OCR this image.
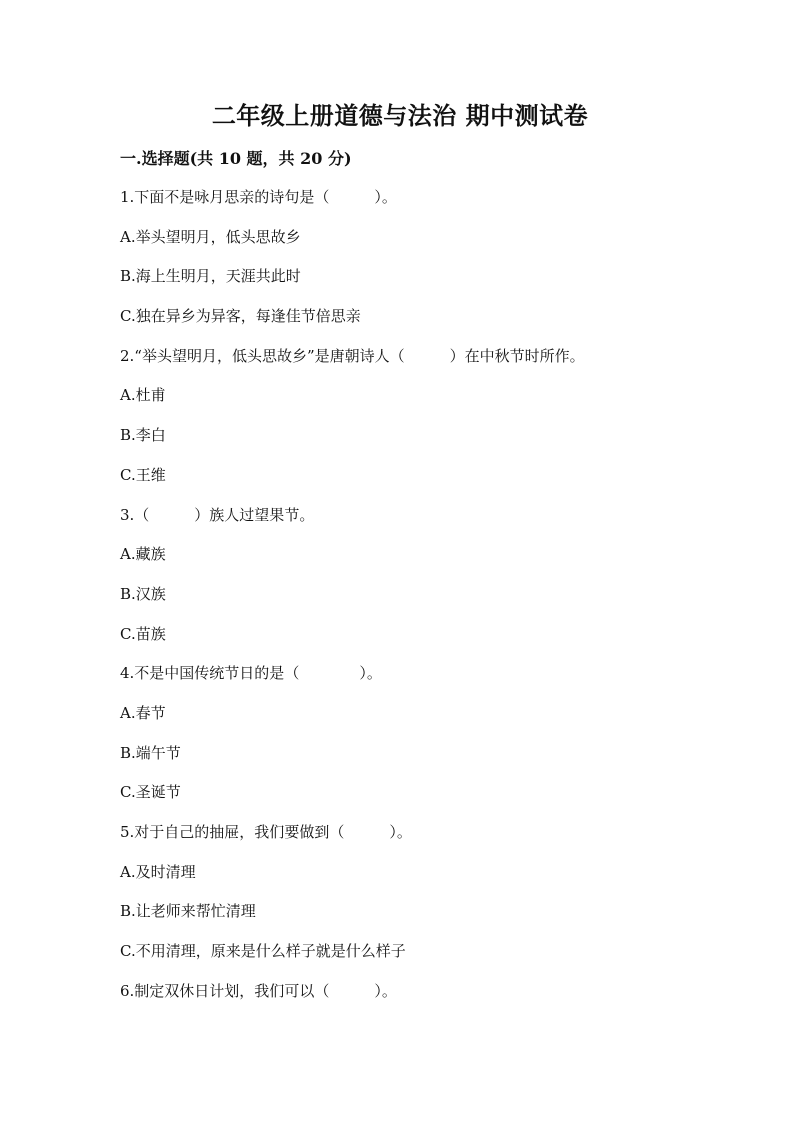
二年级上册道德与法治 期中测试卷
一.选择题(共 10 题，共 20 分)
1.下面不是咏月思亲的诗句是（　　　）。
A.举头望明月，低头思故乡
B.海上生明月，天涯共此时
C.独在异乡为异客，每逢佳节倍思亲
2.“举头望明月，低头思故乡”是唐朝诗人（　　　）在中秋节时所作。
A.杜甫
B.李白
C.王维
3.（　　　）族人过望果节。
A.藏族
B.汉族
C.苗族
4.不是中国传统节日的是（　　　　）。
A.春节
B.端午节
C.圣诞节
5.对于自己的抽屉，我们要做到（　　　）。
A.及时清理
B.让老师来帮忙清理
C.不用清理，原来是什么样子就是什么样子
6.制定双休日计划，我们可以（　　　）。
